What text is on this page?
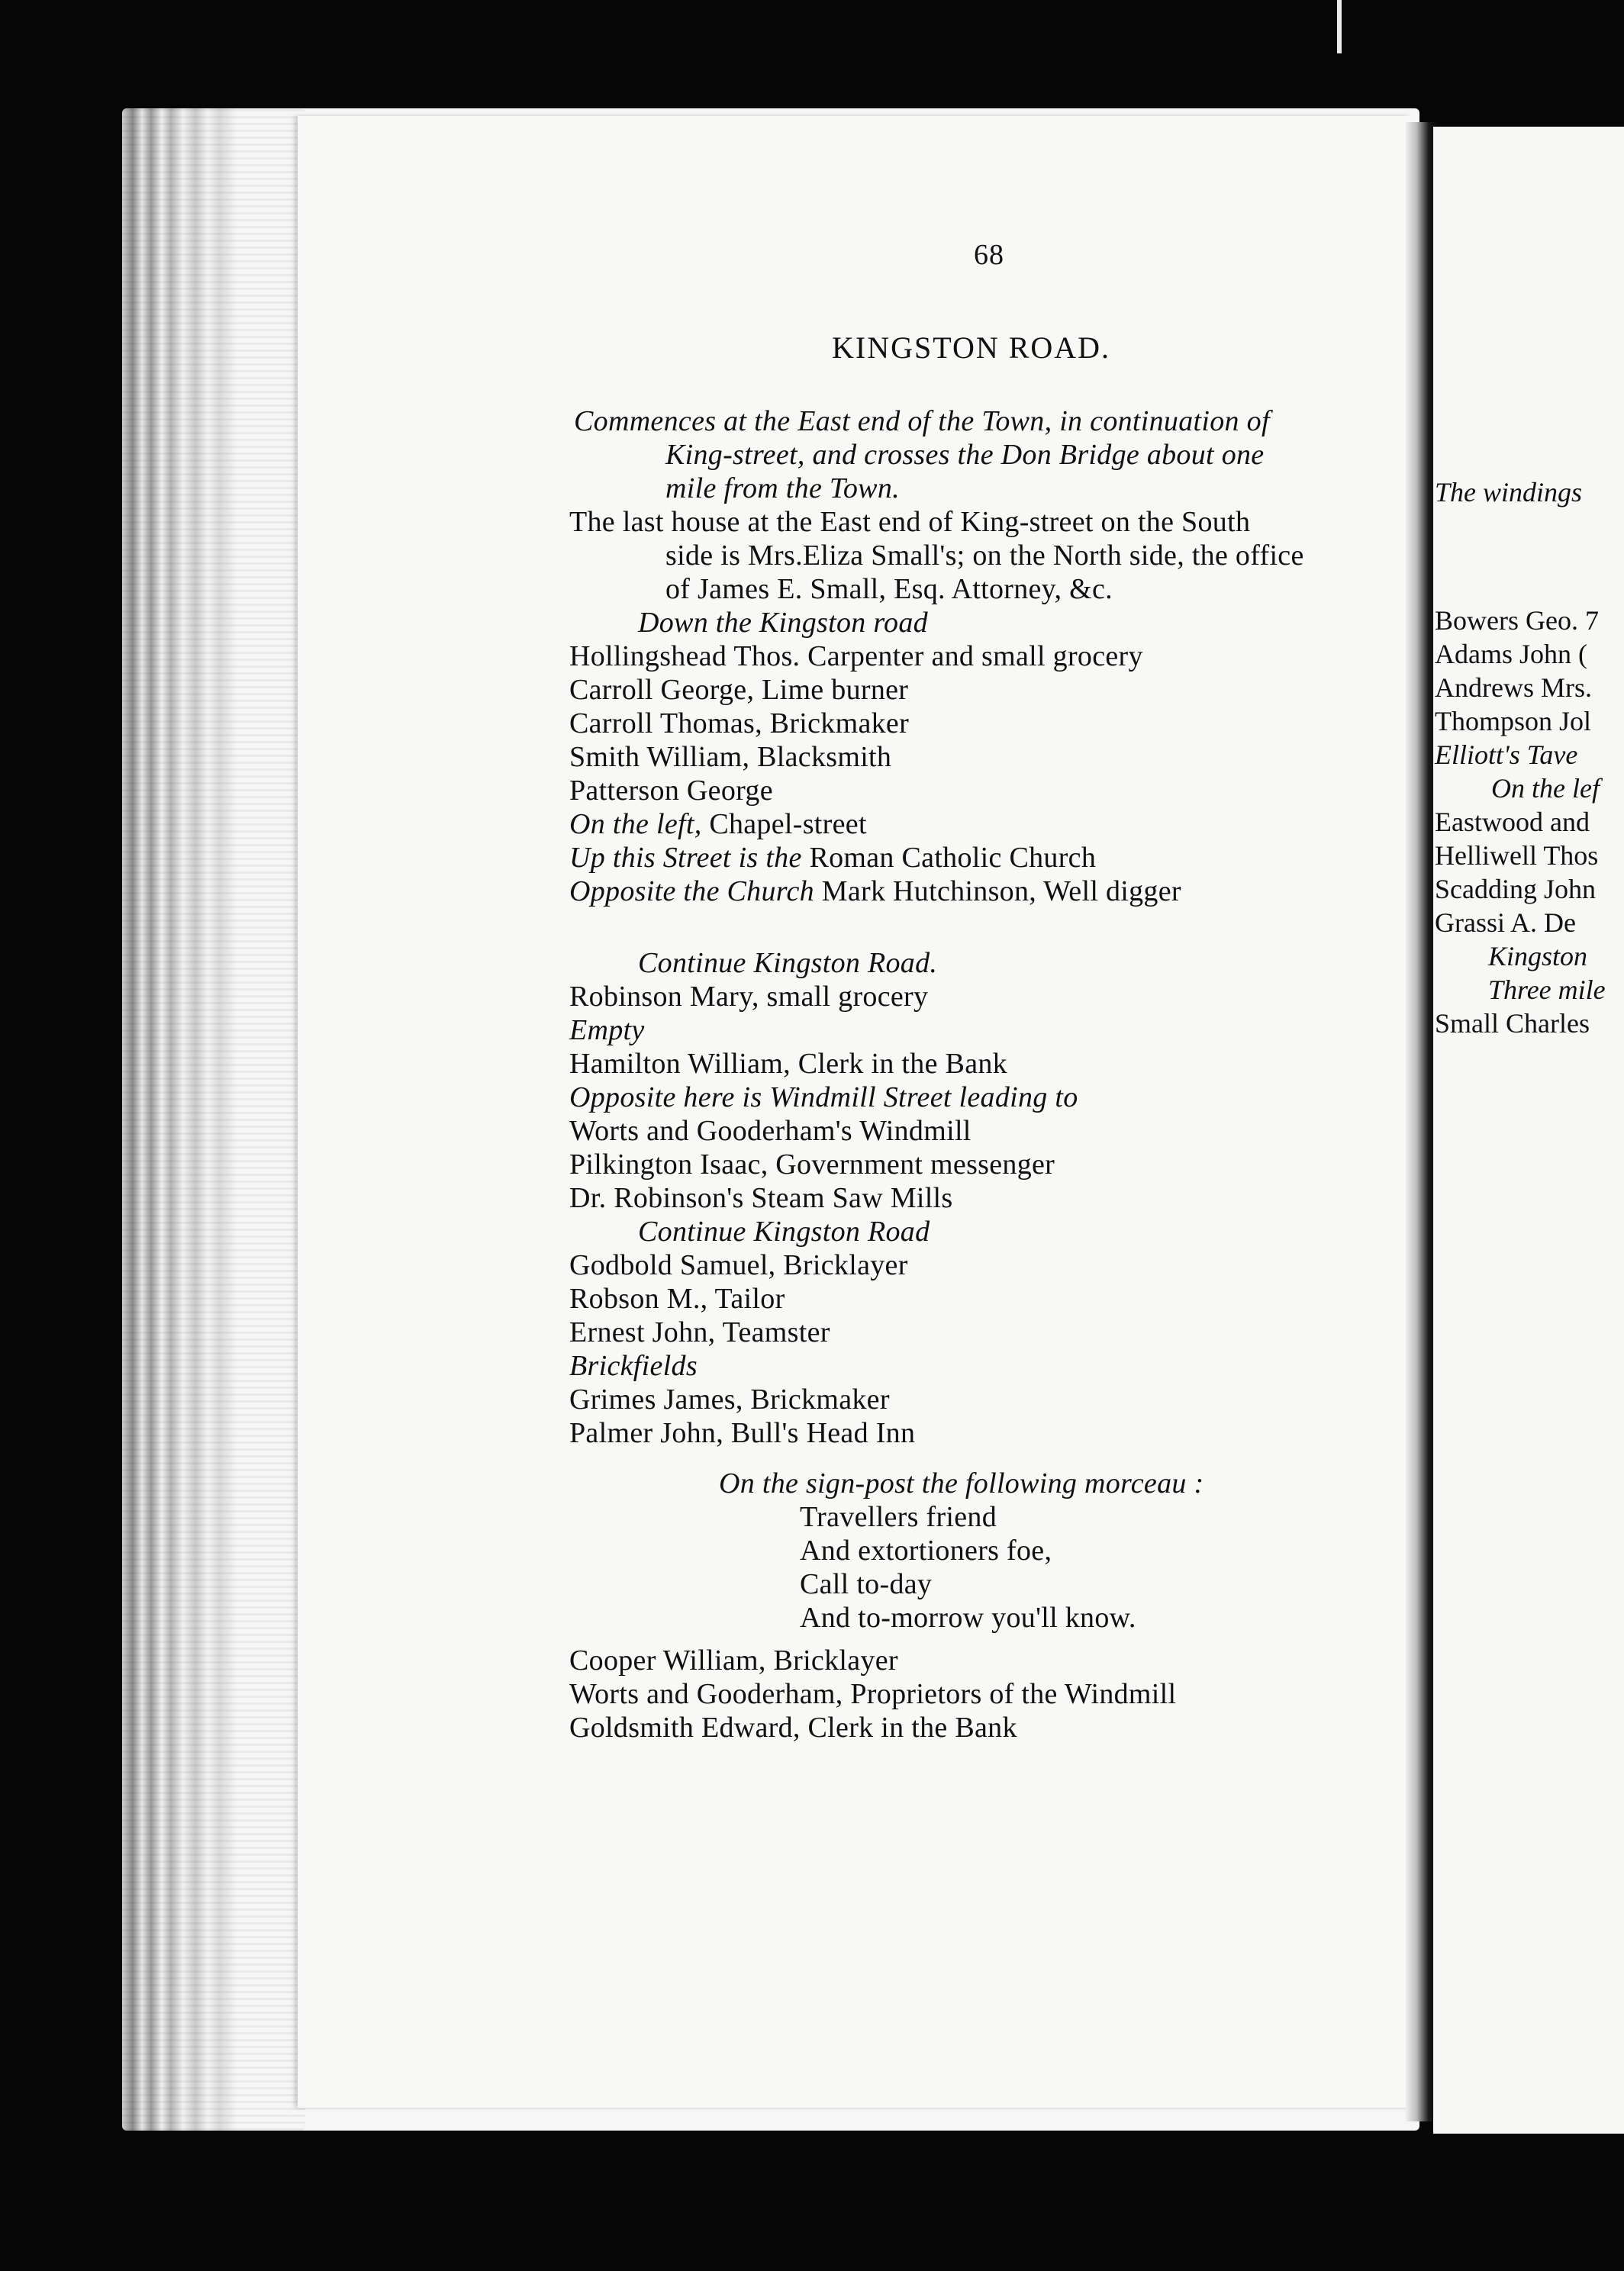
68
KINGSTON ROAD.
Commences at the East end of the Town, in continuation of
King-street, and crosses the Don Bridge about one
mile from the Town.
The last house at the East end of King-street on the South
side is Mrs.Eliza Small's; on the North side, the office
of James E. Small, Esq. Attorney, &c.
Down the Kingston road
Hollingshead Thos. Carpenter and small grocery
Carroll George, Lime burner
Carroll Thomas, Brickmaker
Smith William, Blacksmith
Patterson George
On the left, Chapel-street
Up this Street is the Roman Catholic Church
Opposite the Church Mark Hutchinson, Well digger
Continue Kingston Road.
Robinson Mary, small grocery
Empty
Hamilton William, Clerk in the Bank
Opposite here is Windmill Street leading to
Worts and Gooderham's Windmill
Pilkington Isaac, Government messenger
Dr. Robinson's Steam Saw Mills
Continue Kingston Road
Godbold Samuel, Bricklayer
Robson M., Tailor
Ernest John, Teamster
Brickfields
Grimes James, Brickmaker
Palmer John, Bull's Head Inn
On the sign-post the following morceau :
Travellers friend
And extortioners foe,
Call to-day
And to-morrow you'll know.
Cooper William, Bricklayer
Worts and Gooderham, Proprietors of the Windmill
Goldsmith Edward, Clerk in the Bank
The windings
Bowers Geo. 7
Adams John (
Andrews Mrs.
Thompson Jol
Elliott's Tave
On the lef
Eastwood and
Helliwell Thos
Scadding John
Grassi A. De
Kingston
Three mile
Small Charles
